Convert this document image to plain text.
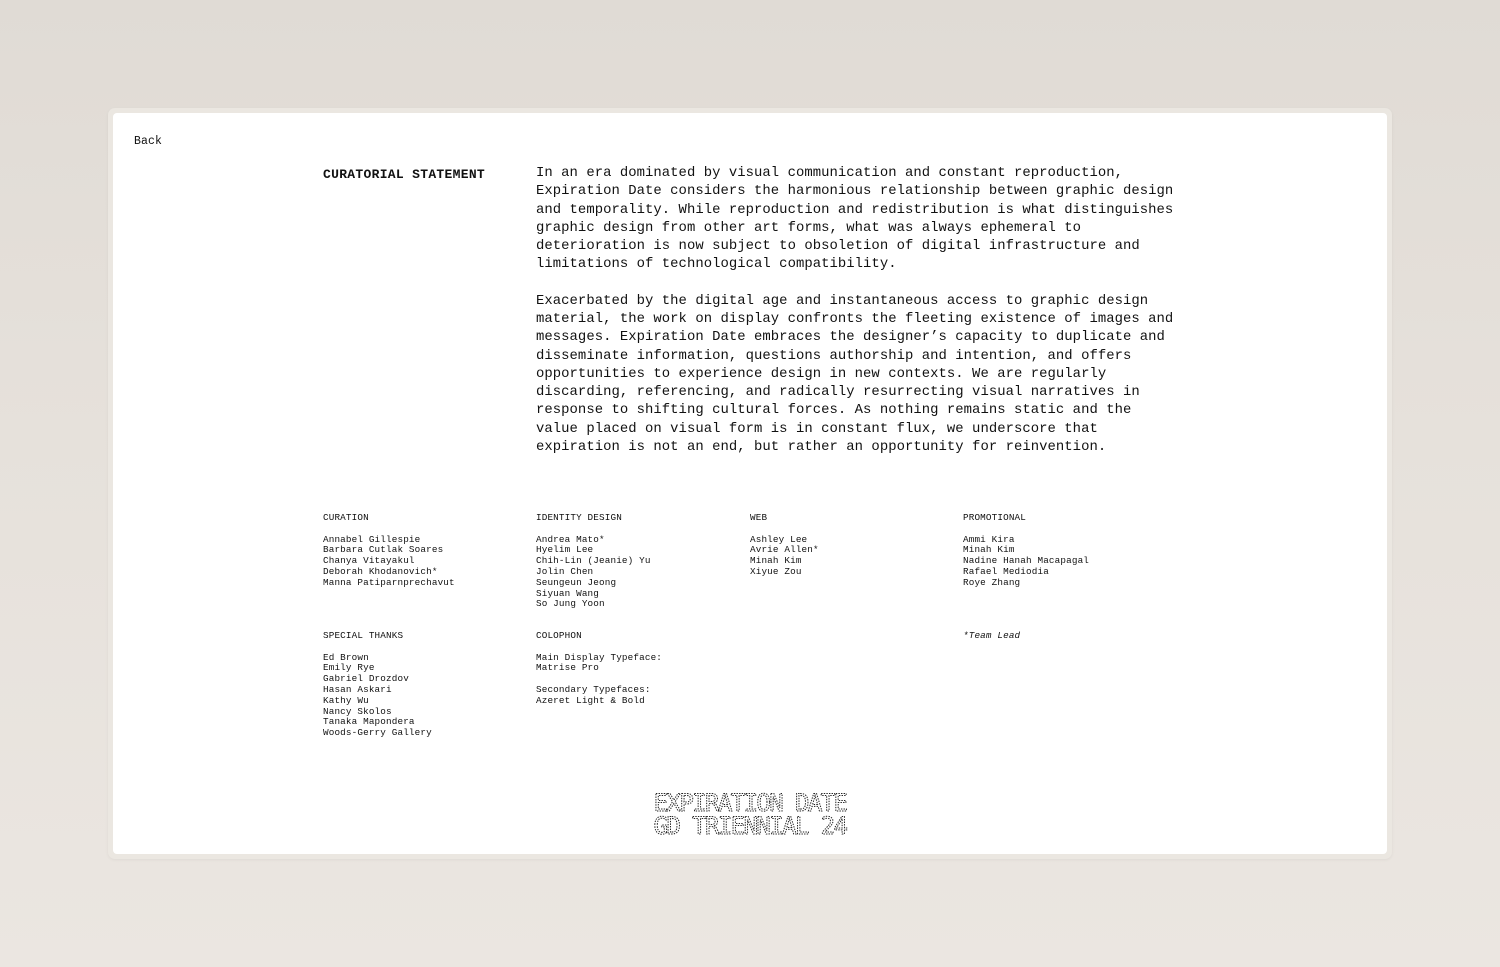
Back
CURATORIAL STATEMENT	In an era dominated by visual communication and constant reproduction,
Expiration Date considers the harmonious relationship between graphic design
and temporality. While reproduction and redistribution is what distinguishes
graphic design from other art forms, what was always ephemeral to
deterioration is now subject to obsoletion of digital infrastructure and
limitations of technological compatibility.

Exacerbated by the digital age and instantaneous access to graphic design
material, the work on display confronts the fleeting existence of images and
messages. Expiration Date embraces the designer’s capacity to duplicate and
disseminate information, questions authorship and intention, and offers
opportunities to experience design in new contexts. We are regularly
discarding, referencing, and radically resurrecting visual narratives in
response to shifting cultural forces. As nothing remains static and the
value placed on visual form is in constant flux, we underscore that
expiration is not an end, but rather an opportunity for reinvention.

CURATION
Annabel Gillespie
Barbara Cutlak Soares
Chanya Vitayakul
Deborah Khodanovich*
Manna Patiparnprechavut
IDENTITY DESIGN
Andrea Mato*
Hyelim Lee
Chih-Lin (Jeanie) Yu
Jolin Chen
Seungeun Jeong
Siyuan Wang
So Jung Yoon
WEB
Ashley Lee
Avrie Allen*
Minah Kim
Xiyue Zou
PROMOTIONAL
Ammi Kira
Minah Kim
Nadine Hanah Macapagal
Rafael Mediodia
Roye Zhang
SPECIAL THANKS
Ed Brown
Emily Rye
Gabriel Drozdov
Hasan Askari
Kathy Wu
Nancy Skolos
Tanaka Mapondera
Woods-Gerry Gallery
COLOPHON
Main Display Typeface:
Matrise Pro
Secondary Typefaces:
Azeret Light & Bold
*Team Lead
EXPIRATION DATE
GD TRIENNIAL 24
